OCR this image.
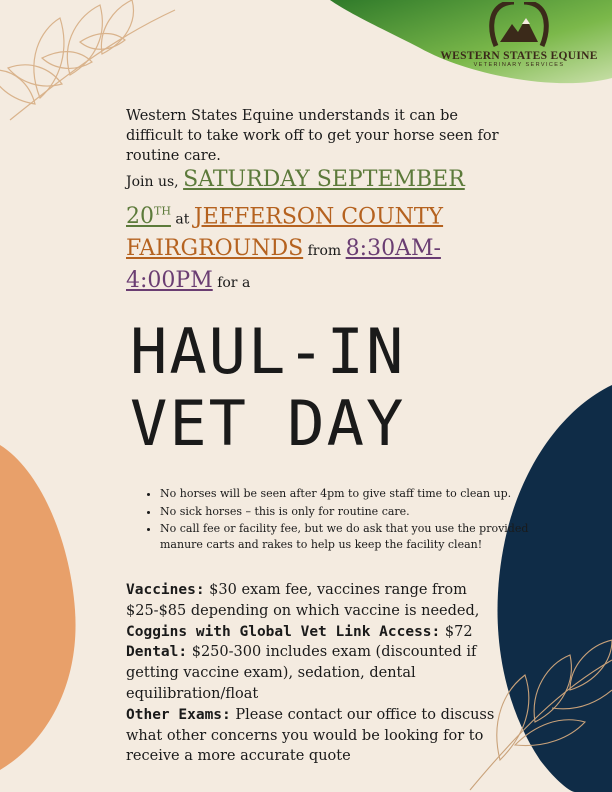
WESTERN STATES EQUINE
VETERINARY SERVICES
Western States Equine understands it can be difficult to take work off to get your horse seen for routine care.
Join us, SATURDAY SEPTEMBER 20TH at JEFFERSON COUNTY FAIRGROUNDS from 8:30AM-4:00PM for a
HAUL-IN VET DAY
• No horses will be seen after 4pm to give staff time to clean up.
• No sick horses – this is only for routine care.
• No call fee or facility fee, but we do ask that you use the provided manure carts and rakes to help us keep the facility clean!

Vaccines: $30 exam fee, vaccines range from $25-$85 depending on which vaccine is needed,

Coggins with Global Vet Link Access: $72

Dental: $250-300 includes exam (discounted if getting vaccine exam), sedation, dental equilibration/float

Other Exams: Please contact our office to discuss what other concerns you would be looking for to receive a more accurate quote
